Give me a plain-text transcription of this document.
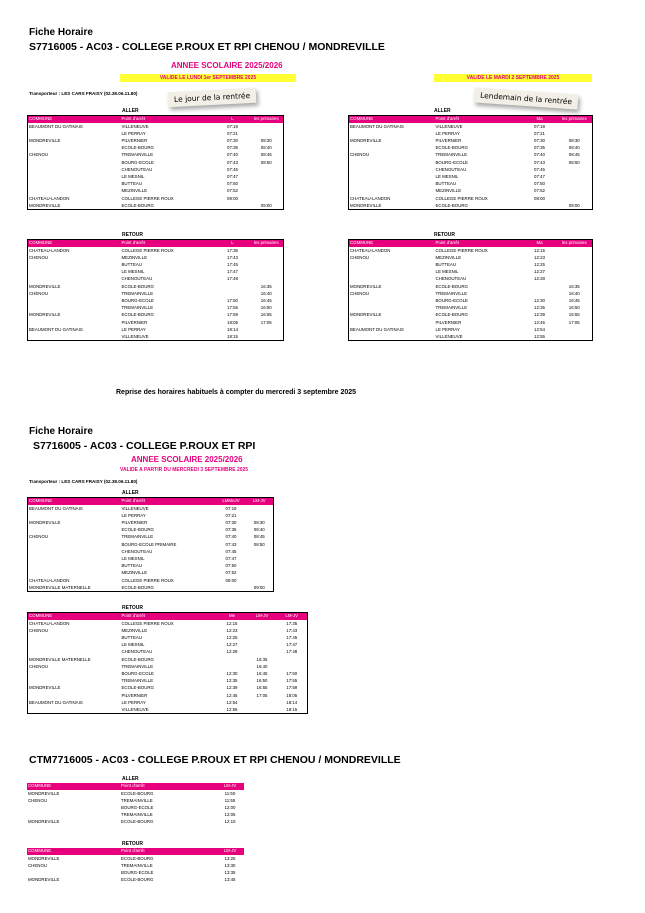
Fiche Horaire
S7716005 - AC03 - COLLEGE P.ROUX ET RPI CHENOU / MONDREVILLE
ANNEE SCOLAIRE 2025/2026
VALIDE LE LUNDI 1er SEPTEMBRE 2025	VALIDE LE MARDI 2 SEPTEMBRE 2025
Transporteur : LES CARS FRAISY (02.38.06.11.80)	Le jour de la rentrée	Lendemain de la rentrée
ALLER	ALLER
COMMUNE	Point d'arrêt	L	les primaires
BEAUMONT DU GATINAIS	VILLENEUVE	07:19	
	LE PERRAY	07:21	
MONDREVILLE	PILVERNIER	07:30	08:30
	ECOLE-BOURG	07:35	08:40
CHENOU	TREMAINVILLE	07:40	08:45
	BOURG-ECOLE	07:43	08:50
	CHENOUTEAU	07:45	
	LE MESNIL	07:47	
	BUTTEAU	07:50	
	MEZINVILLE	07:52	
CHATEAU-LANDON	COLLEGE PIERRE ROUX	08:00	
MONDREVILLE	ECOLE-BOURG		09:00
COMMUNE	Point d'arrêt	Ma	les primaires
BEAUMONT DU GATINAIS	VILLENEUVE	07:19	
	LE PERRAY	07:21	
MONDREVILLE	PILVERNIER	07:30	08:30
	ECOLE-BOURG	07:35	08:40
CHENOU	TREMAINVILLE	07:40	08:45
	BOURG-ECOLE	07:43	08:50
	CHENOUTEAU	07:45	
	LE MESNIL	07:47	
	BUTTEAU	07:50	
	MEZINVILLE	07:52	
CHATEAU-LANDON	COLLEGE PIERRE ROUX	08:00	
MONDREVILLE	ECOLE-BOURG		09:00
RETOUR	RETOUR
COMMUNE	Point d'arrêt	L	les primaires
CHATEAU-LANDON	COLLEGE PIERRE ROUX	17:35	
CHENOU	MEZINVILLE	17:43	
	BUTTEAU	17:45	
	LE MESNIL	17:47	
	CHENOUTEAU	17:48	
MONDREVILLE	ECOLE-BOURG		16:35
CHENOU	TREMAINVILLE		16:40
	BOURG-ECOLE	17:50	16:45
	TREMAINVILLE	17:55	16:50
MONDREVILLE	ECOLE-BOURG	17:59	16:55
	PILVERNIER	18:05	17:05
BEAUMONT DU GATINAIS	LE PERRAY	18:14	
	VILLENEUVE	18:15	
COMMUNE	Point d'arrêt	Ma	les primaires
CHATEAU-LANDON	COLLEGE PIERRE ROUX	12:15	
CHENOU	MEZINVILLE	12:23	
	BUTTEAU	12:25	
	LE MESNIL	12:27	
	CHENOUTEAU	12:28	
MONDREVILLE	ECOLE-BOURG		16:35
CHENOU	TREMAINVILLE		16:40
	BOURG-ECOLE	12:30	16:45
	TREMAINVILLE	12:35	16:50
MONDREVILLE	ECOLE-BOURG	12:39	16:55
	PILVERNIER	12:45	17:05
BEAUMONT DU GATINAIS	LE PERRAY	12:54	
	VILLENEUVE	12:55	
Reprise des horaires habituels à compter du mercredi 3 septembre 2025
Fiche Horaire
S7716005 - AC03 - COLLEGE P.ROUX ET RPI
ANNEE SCOLAIRE 2025/2026
VALIDE A PARTIR DU MERCREDI 3 SEPTEMBRE 2025
Transporteur : LES CARS FRAISY (02.38.06.11.80)
ALLER
COMMUNE	Point d'arrêt	LMMeJV	LM-JV
BEAUMONT DU GATINAIS	VILLENEUVE	07:19	
	LE PERRAY	07:21	
MONDREVILLE	PILVERNIER	07:30	08:30
	ECOLE-BOURG	07:35	08:40
CHENOU	TREMAINVILLE	07:40	08:45
	BOURG-ECOLE PRIMAIRE	07:43	08:50
	CHENOUTEAU	07:45	
	LE MESNIL	07:47	
	BUTTEAU	07:50	
	MEZINVILLE	07:52	
CHATEAU-LANDON	COLLEGE PIERRE ROUX	08:00	
MONDREVILLE MATERNELLE	ECOLE-BOURG		09:00
RETOUR
COMMUNE	Point d'arrêt	Me	LM-JV	LM-JV
CHATEAU-LANDON	COLLEGE PIERRE ROUX	12:15		17:35
CHENOU	MEZINVILLE	12:23		17:43
	BUTTEAU	12:25		17:45
	LE MESNIL	12:27		17:47
	CHENOUTEAU	12:28		17:48
MONDREVILLE MATERNELLE	ECOLE-BOURG		16:35	
CHENOU	TREMAINVILLE		16:40	
	BOURG-ECOLE	12:30	16:45	17:50
	TREMAINVILLE	12:35	16:50	17:55
MONDREVILLE	ECOLE-BOURG	12:39	16:55	17:59
	PILVERNIER	12:45	17:05	18:05
BEAUMONT DU GATINAIS	LE PERRAY	12:54		18:14
	VILLENEUVE	12:55		18:15
CTM7716005 - AC03 - COLLEGE P.ROUX ET RPI CHENOU / MONDREVILLE
ALLER
COMMUNE	Point d'arrêt	LM-JV
MONDREVILLE	ECOLE-BOURG	11:50
CHENOU	TREMAINVILLE	11:55
	BOURG-ECOLE	12:00
	TREMAINVILLE	12:05
MONDREVILLE	ECOLE-BOURG	12:10
RETOUR
COMMUNE	Point d'arrêt	LM-JV
MONDREVILLE	ECOLE-BOURG	13:25
CHENOU	TREMAINVILLE	13:30
	BOURG-ECOLE	13:35
MONDREVILLE	ECOLE-BOURG	13:45
